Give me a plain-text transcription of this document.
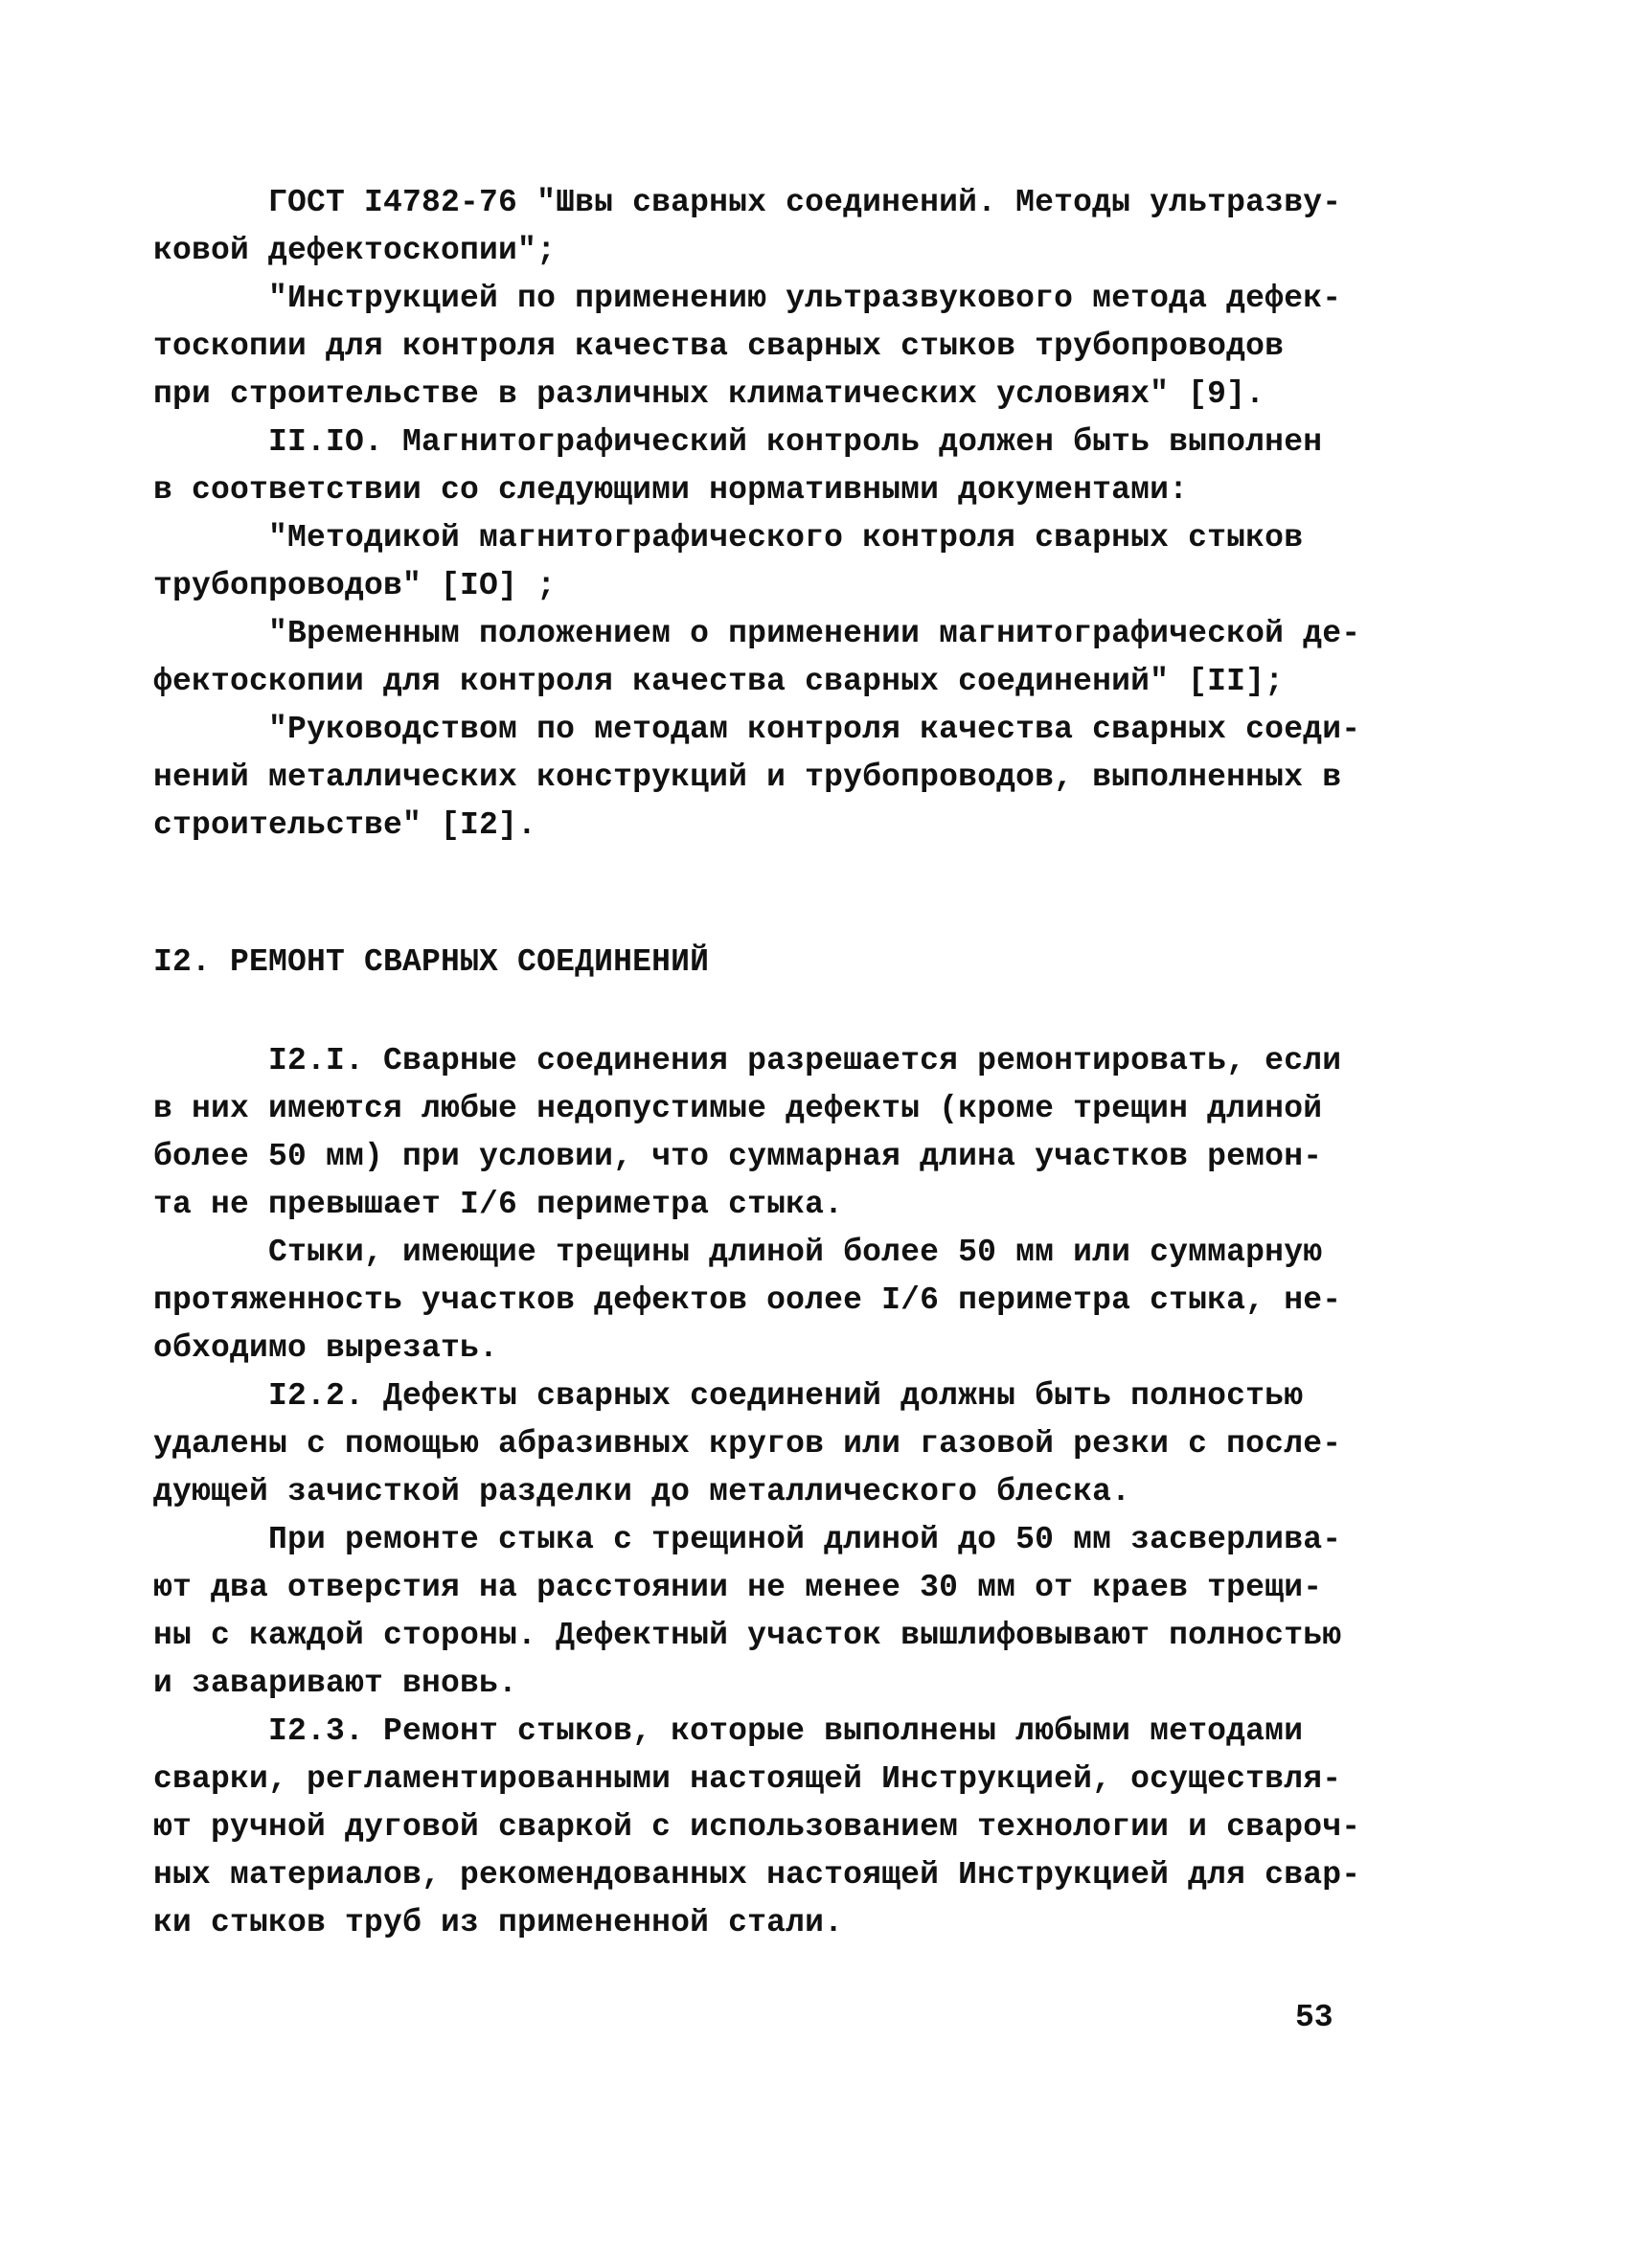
ГОСТ I4782-76 "Швы сварных соединений. Методы ультразву-
ковой дефектоскопии";
"Инструкцией по применению ультразвукового метода дефек-
тоскопии для контроля качества сварных стыков трубопроводов
при строительстве в различных климатических условиях" [9].
II.IO. Магнитографический контроль должен быть выполнен
в соответствии со следующими нормативными документами:
"Методикой магнитографического контроля сварных стыков
трубопроводов" [IO] ;
"Временным положением о применении магнитографической де-
фектоскопии для контроля качества сварных соединений" [II];
"Руководством по методам контроля качества сварных соеди-
нений металлических конструкций и трубопроводов, выполненных в
строительстве" [I2].
I2. РЕМОНТ СВАРНЫХ СОЕДИНЕНИЙ
I2.I. Сварные соединения разрешается ремонтировать, если
в них имеются любые недопустимые дефекты (кроме трещин длиной
более 50 мм) при условии, что суммарная длина участков ремон-
та не превышает I/6 периметра стыка.
Стыки, имеющие трещины длиной более 50 мм или суммарную
протяженность участков дефектов оолее I/6 периметра стыка, не-
обходимо вырезать.
I2.2. Дефекты сварных соединений должны быть полностью
удалены с помощью абразивных кругов или газовой резки с после-
дующей зачисткой разделки до металлического блеска.
При ремонте стыка с трещиной длиной до 50 мм засверлива-
ют два отверстия на расстоянии не менее 30 мм от краев трещи-
ны с каждой стороны. Дефектный участок вышлифовывают полностью
и заваривают вновь.
I2.3. Ремонт стыков, которые выполнены любыми методами
сварки, регламентированными настоящей Инструкцией, осуществля-
ют ручной дуговой сваркой с использованием технологии и свароч-
ных материалов, рекомендованных настоящей Инструкцией для свар-
ки стыков труб из примененной стали.
53
